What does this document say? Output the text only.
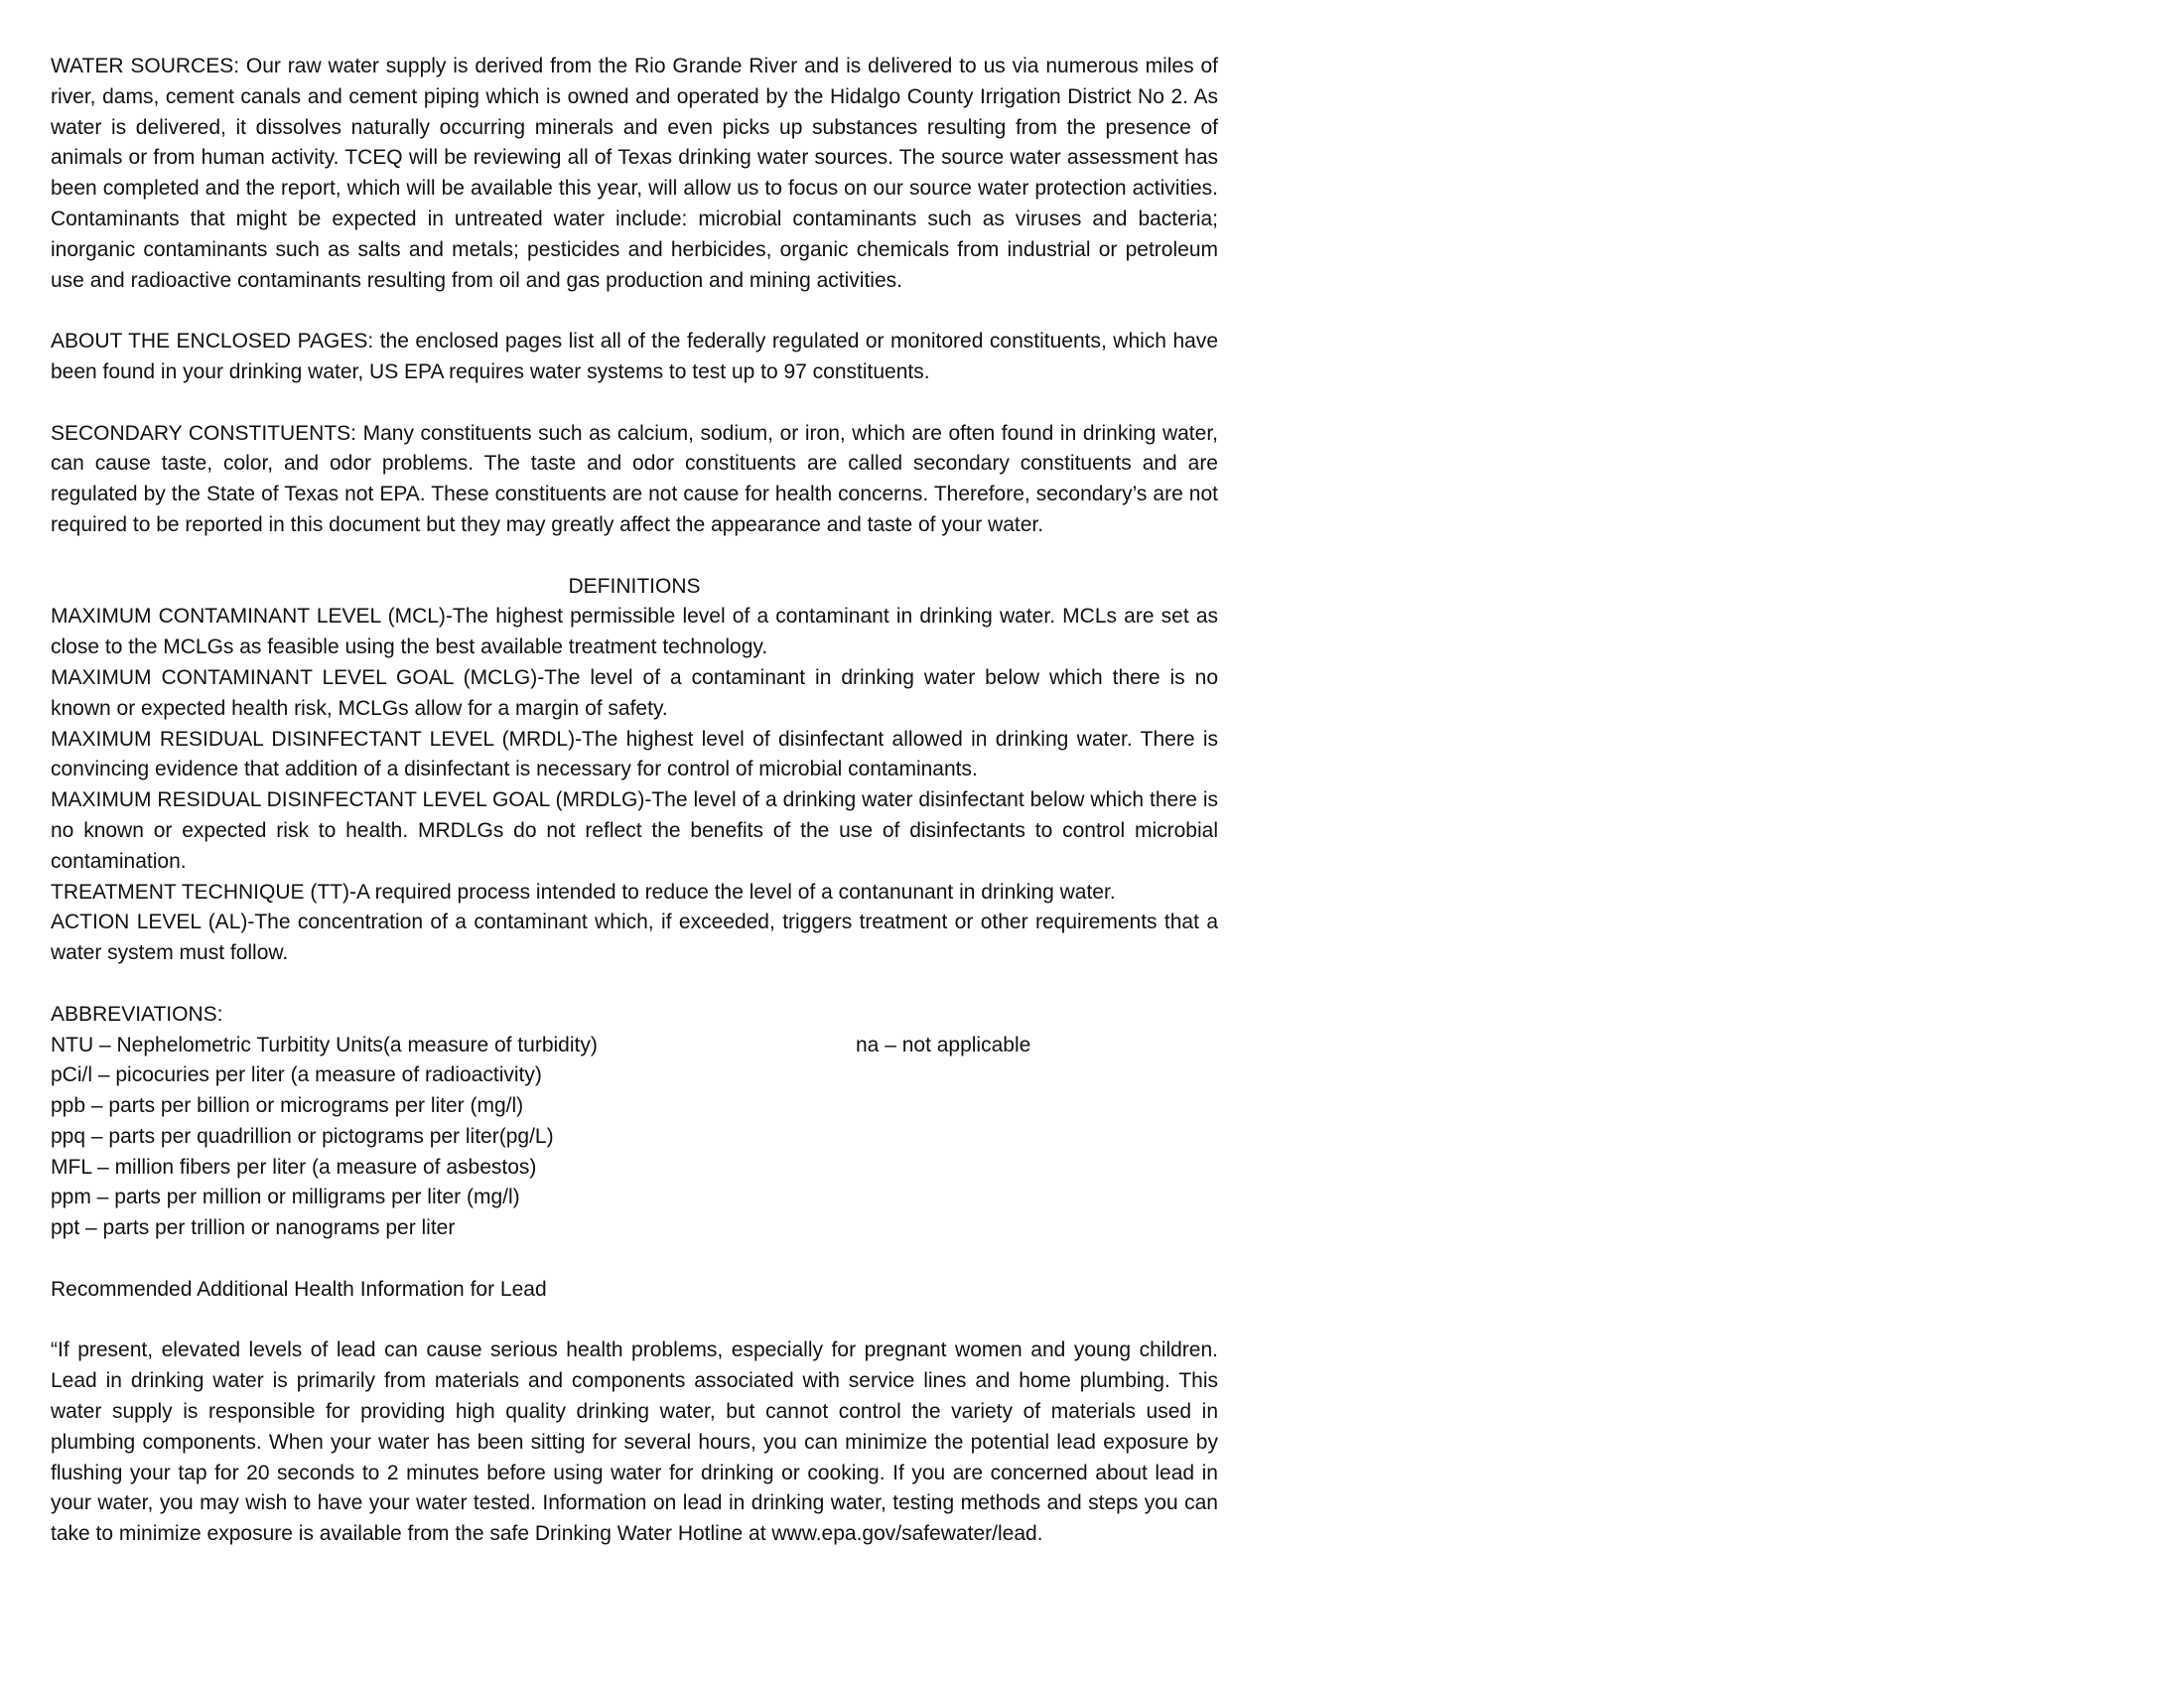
WATER SOURCES: Our raw water supply is derived from the Rio Grande River and is delivered to us via numerous miles of river, dams, cement canals and cement piping which is owned and operated by the Hidalgo County Irrigation District No 2. As water is delivered, it dissolves naturally occurring minerals and even picks up substances resulting from the presence of animals or from human activity. TCEQ will be reviewing all of Texas drinking water sources. The source water assessment has been completed and the report, which will be available this year, will allow us to focus on our source water protection activities. Contaminants that might be expected in untreated water include: microbial contaminants such as viruses and bacteria; inorganic contaminants such as salts and metals; pesticides and herbicides, organic chemicals from industrial or petroleum use and radioactive contaminants resulting from oil and gas production and mining activities.

ABOUT THE ENCLOSED PAGES: the enclosed pages list all of the federally regulated or monitored constituents, which have been found in your drinking water, US EPA requires water systems to test up to 97 constituents.

SECONDARY CONSTITUENTS: Many constituents such as calcium, sodium, or iron, which are often found in drinking water, can cause taste, color, and odor problems. The taste and odor constituents are called secondary constituents and are regulated by the State of Texas not EPA. These constituents are not cause for health concerns. Therefore, secondary’s are not required to be reported in this document but they may greatly affect the appearance and taste of your water.

DEFINITIONS

MAXIMUM CONTAMINANT LEVEL (MCL)-The highest permissible level of a contaminant in drinking water. MCLs are set as close to the MCLGs as feasible using the best available treatment technology.

MAXIMUM CONTAMINANT LEVEL GOAL (MCLG)-The level of a contaminant in drinking water below which there is no known or expected health risk, MCLGs allow for a margin of safety.

MAXIMUM RESIDUAL DISINFECTANT LEVEL (MRDL)-The highest level of disinfectant allowed in drinking water. There is convincing evidence that addition of a disinfectant is necessary for control of microbial contaminants.

MAXIMUM RESIDUAL DISINFECTANT LEVEL GOAL (MRDLG)-The level of a drinking water disinfectant below which there is no known or expected risk to health. MRDLGs do not reflect the benefits of the use of disinfectants to control microbial contamination.

TREATMENT TECHNIQUE (TT)-A required process intended to reduce the level of a contanunant in drinking water.

ACTION LEVEL (AL)-The concentration of a contaminant which, if exceeded, triggers treatment or other requirements that a water system must follow.

ABBREVIATIONS:

NTU – Nephelometric Turbitity Units(a measure of turbidity)	na – not applicable

pCi/l – picocuries per liter (a measure of radioactivity)

ppb – parts per billion or micrograms per liter (mg/l)

ppq – parts per quadrillion or pictograms per liter(pg/L)

MFL – million fibers per liter (a measure of asbestos)

ppm – parts per million or milligrams per liter (mg/l)

ppt – parts per trillion or nanograms per liter

Recommended Additional Health Information for Lead

“If present, elevated levels of lead can cause serious health problems, especially for pregnant women and young children. Lead in drinking water is primarily from materials and components associated with service lines and home plumbing. This water supply is responsible for providing high quality drinking water, but cannot control the variety of materials used in plumbing components. When your water has been sitting for several hours, you can minimize the potential lead exposure by flushing your tap for 20 seconds to 2 minutes before using water for drinking or cooking. If you are concerned about lead in your water, you may wish to have your water tested. Information on lead in drinking water, testing methods and steps you can take to minimize exposure is available from the safe Drinking Water Hotline at www.epa.gov/safewater/lead.
